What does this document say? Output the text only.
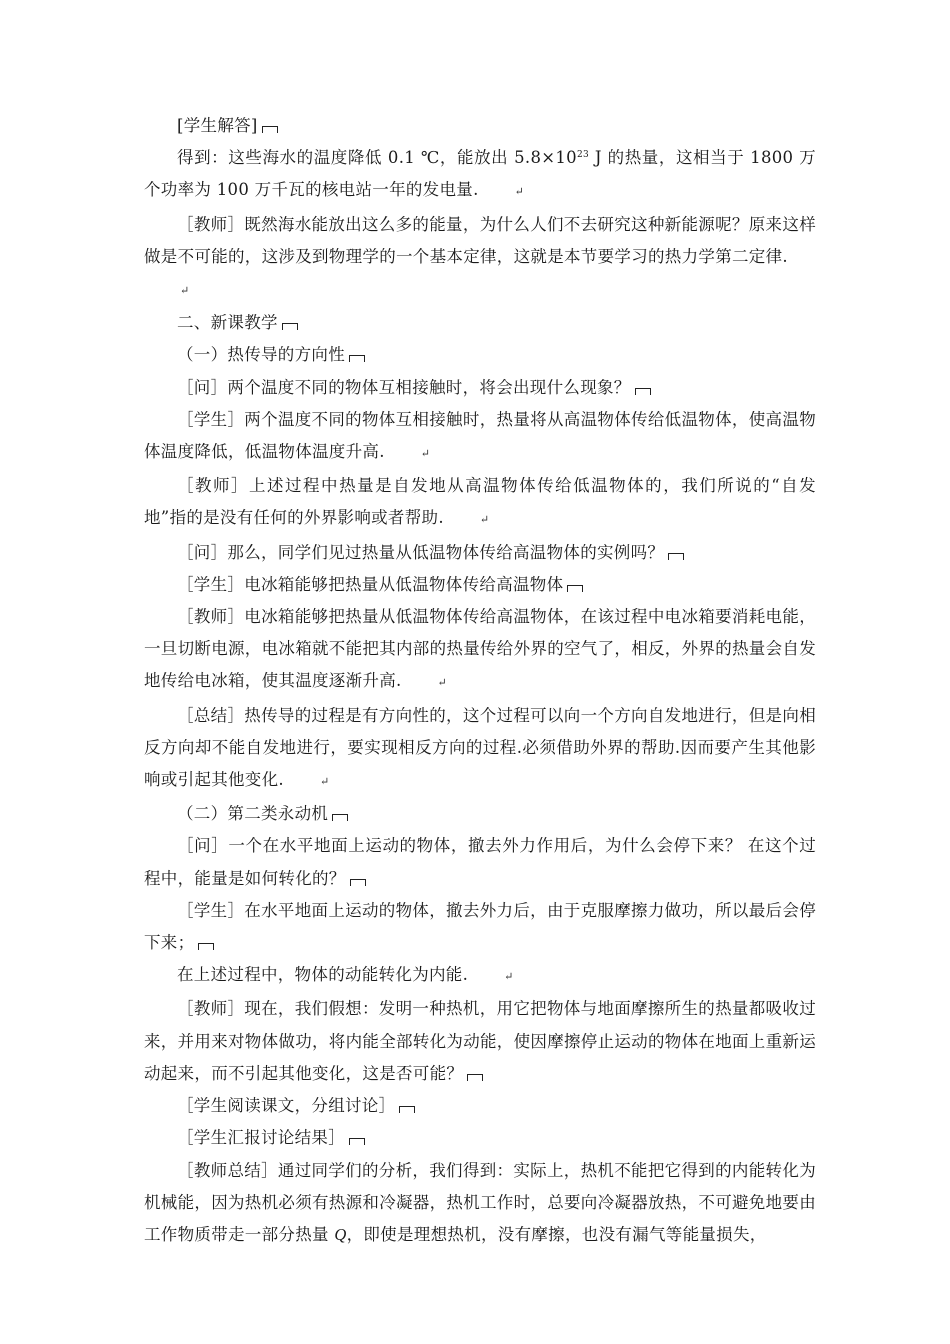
[学生解答]

得到：这些海水的温度降低 0.1 ℃，能放出 $5.8\times 10^{23}$ J 的热量，这相当于 1800 万个功率为 100 万千瓦的核电站一年的发电量.	↵

［教师］既然海水能放出这么多的能量，为什么人们不去研究这种新能源呢？原来这样做是不可能的，这涉及到物理学的一个基本定律，这就是本节要学习的热力学第二定律.
↵

二、新课教学

（一）热传导的方向性

［问］两个温度不同的物体互相接触时，将会出现什么现象？

［学生］两个温度不同的物体互相接触时，热量将从高温物体传给低温物体，使高温物体温度降低，低温物体温度升高.	↵

［教师］上述过程中热量是自发地从高温物体传给低温物体的，我们所说的“自发地”指的是没有任何的外界影响或者帮助.	↵

［问］那么，同学们见过热量从低温物体传给高温物体的实例吗？

［学生］电冰箱能够把热量从低温物体传给高温物体

［教师］电冰箱能够把热量从低温物体传给高温物体，在该过程中电冰箱要消耗电能，一旦切断电源，电冰箱就不能把其内部的热量传给外界的空气了，相反，外界的热量会自发地传给电冰箱，使其温度逐渐升高.	↵

［总结］热传导的过程是有方向性的，这个过程可以向一个方向自发地进行，但是向相反方向却不能自发地进行，要实现相反方向的过程.必须借助外界的帮助.因而要产生其他影响或引起其他变化.	↵

（二）第二类永动机

［问］一个在水平地面上运动的物体，撤去外力作用后，为什么会停下来？ 在这个过程中，能量是如何转化的？

［学生］在水平地面上运动的物体，撤去外力后，由于克服摩擦力做功，所以最后会停下来；

在上述过程中，物体的动能转化为内能.	↵

［教师］现在，我们假想：发明一种热机，用它把物体与地面摩擦所生的热量都吸收过来，并用来对物体做功，将内能全部转化为动能，使因摩擦停止运动的物体在地面上重新运动起来，而不引起其他变化，这是否可能？

［学生阅读课文，分组讨论］

［学生汇报讨论结果］

［教师总结］通过同学们的分析，我们得到：实际上，热机不能把它得到的内能转化为机械能，因为热机必须有热源和冷凝器，热机工作时，总要向冷凝器放热，不可避免地要由工作物质带走一部分热量 Q，即使是理想热机，没有摩擦，也没有漏气等能量损失，
